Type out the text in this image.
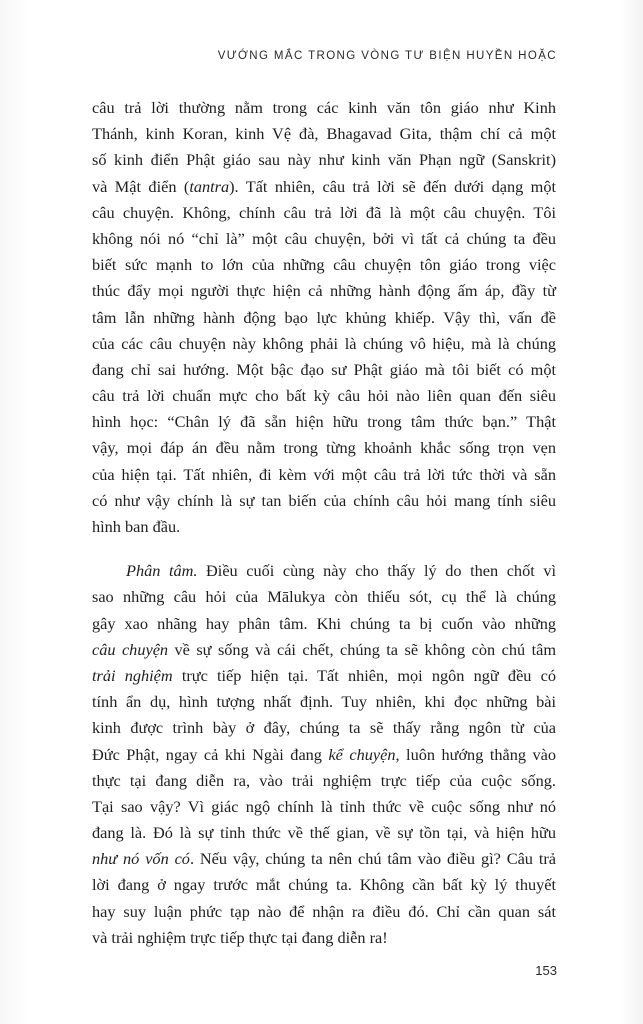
VƯỚNG MẮC TRONG VÒNG TƯ BIỆN HUYỀN HOẶC
câu trả lời thường nằm trong các kinh văn tôn giáo như Kinh
Thánh, kinh Koran, kinh Vệ đà, Bhagavad Gita, thậm chí cả một
số kinh điển Phật giáo sau này như kinh văn Phạn ngữ (Sanskrit)
và Mật điển (tantra). Tất nhiên, câu trả lời sẽ đến dưới dạng một
câu chuyện. Không, chính câu trả lời đã là một câu chuyện. Tôi
không nói nó “chỉ là” một câu chuyện, bởi vì tất cả chúng ta đều
biết sức mạnh to lớn của những câu chuyện tôn giáo trong việc
thúc đẩy mọi người thực hiện cả những hành động ấm áp, đầy từ
tâm lẫn những hành động bạo lực khủng khiếp. Vậy thì, vấn đề
của các câu chuyện này không phải là chúng vô hiệu, mà là chúng
đang chỉ sai hướng. Một bậc đạo sư Phật giáo mà tôi biết có một
câu trả lời chuẩn mực cho bất kỳ câu hỏi nào liên quan đến siêu
hình học: “Chân lý đã sẵn hiện hữu trong tâm thức bạn.” Thật
vậy, mọi đáp án đều nằm trong từng khoảnh khắc sống trọn vẹn
của hiện tại. Tất nhiên, đi kèm với một câu trả lời tức thời và sẵn
có như vậy chính là sự tan biến của chính câu hỏi mang tính siêu
hình ban đầu.
Phân tâm. Điều cuối cùng này cho thấy lý do then chốt vì
sao những câu hỏi của Mālukya còn thiếu sót, cụ thể là chúng
gây xao nhãng hay phân tâm. Khi chúng ta bị cuốn vào những
câu chuyện về sự sống và cái chết, chúng ta sẽ không còn chú tâm
trải nghiệm trực tiếp hiện tại. Tất nhiên, mọi ngôn ngữ đều có
tính ẩn dụ, hình tượng nhất định. Tuy nhiên, khi đọc những bài
kinh được trình bày ở đây, chúng ta sẽ thấy rằng ngôn từ của
Đức Phật, ngay cả khi Ngài đang kể chuyện, luôn hướng thẳng vào
thực tại đang diễn ra, vào trải nghiệm trực tiếp của cuộc sống.
Tại sao vậy? Vì giác ngộ chính là tỉnh thức về cuộc sống như nó
đang là. Đó là sự tỉnh thức về thế gian, về sự tồn tại, và hiện hữu
như nó vốn có. Nếu vậy, chúng ta nên chú tâm vào điều gì? Câu trả
lời đang ở ngay trước mắt chúng ta. Không cần bất kỳ lý thuyết
hay suy luận phức tạp nào để nhận ra điều đó. Chỉ cần quan sát
và trải nghiệm trực tiếp thực tại đang diễn ra!
153
